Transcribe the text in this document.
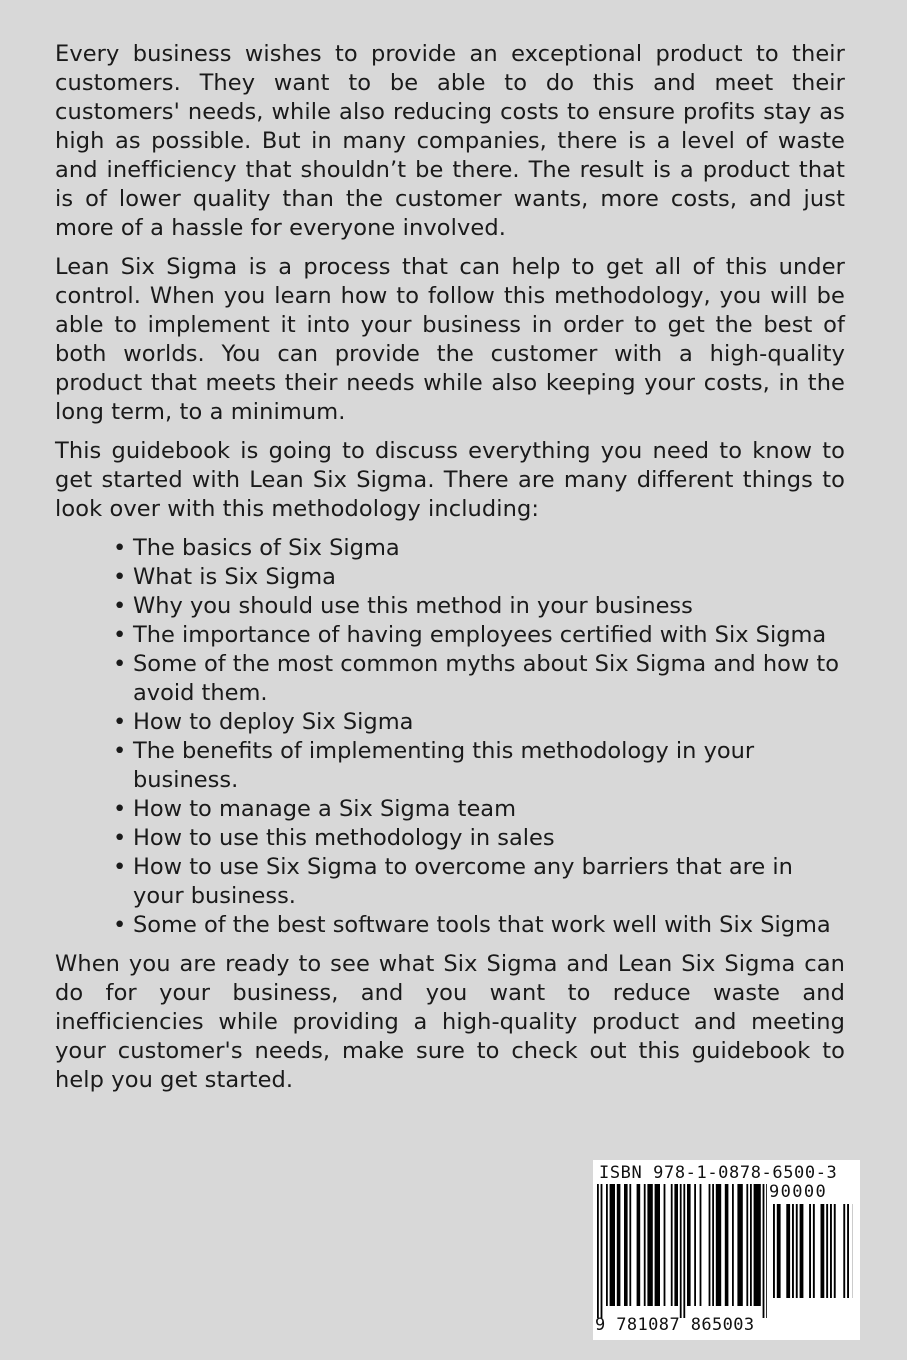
Every business wishes to provide an exceptional product to their customers. They want to be able to do this and meet their customers' needs, while also reducing costs to ensure profits stay as high as possible. But in many companies, there is a level of waste and inefficiency that shouldn’t be there. The result is a product that is of lower quality than the customer wants, more costs, and just more of a hassle for everyone involved.

Lean Six Sigma is a process that can help to get all of this under control. When you learn how to follow this methodology, you will be able to implement it into your business in order to get the best of both worlds. You can provide the customer with a high-quality product that meets their needs while also keeping your costs, in the long term, to a minimum.

This guidebook is going to discuss everything you need to know to get started with Lean Six Sigma. There are many different things to look over with this methodology including:

• The basics of Six Sigma
• What is Six Sigma
• Why you should use this method in your business
• The importance of having employees certified with Six Sigma
• Some of the most common myths about Six Sigma and how to avoid them.
• How to deploy Six Sigma
• The benefits of implementing this methodology in your business.
• How to manage a Six Sigma team
• How to use this methodology in sales
• How to use Six Sigma to overcome any barriers that are in your business.
• Some of the best software tools that work well with Six Sigma

When you are ready to see what Six Sigma and Lean Six Sigma can do for your business, and you want to reduce waste and inefficiencies while providing a high-quality product and meeting your customer's needs, make sure to check out this guidebook to help you get started.

ISBN 978-1-0878-6500-3
90000
9 781087 865003
